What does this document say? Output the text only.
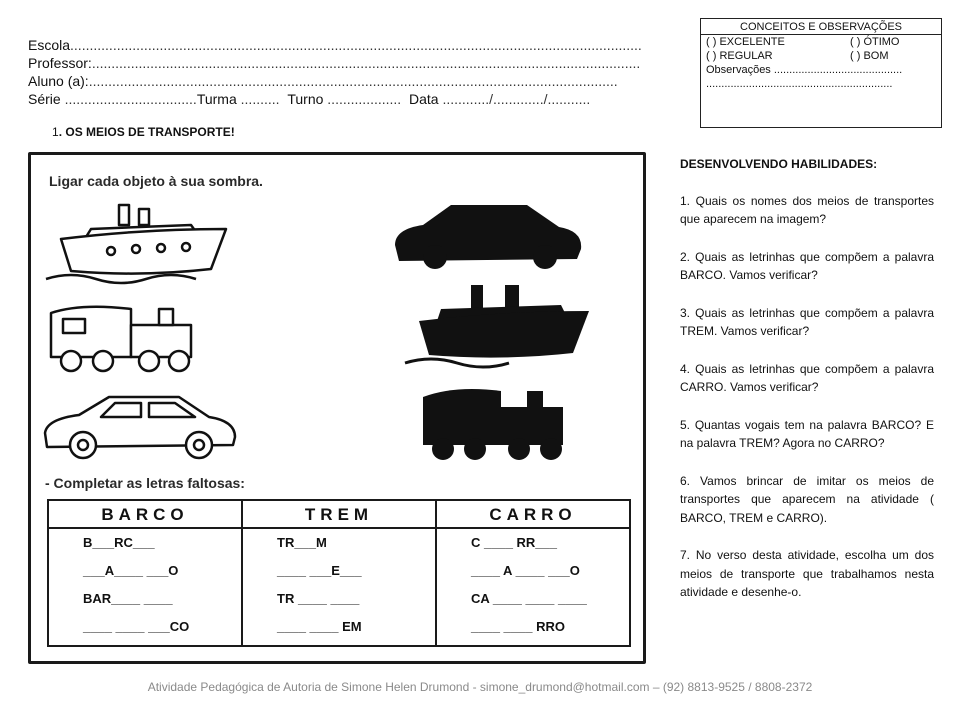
Escola...................................................................................................................................................
Professor:.............................................................................................................................................
Aluno (a):........................................................................................................................................
Série ..................................Turma .......... Turno ................... Data ............/............./...........
CONCEITOS E OBSERVAÇÕES
( ) EXCELENTE	( ) ÓTIMO
( ) REGULAR	( ) BOM
Observações ..........................................
.............................................................
1. OS MEIOS DE TRANSPORTE!
Ligar cada objeto à sua sombra.
- Completar as letras faltosas:
BARCO
B___RC___
___A____ ___O
BAR____ ____
____ ____ ___CO
TREM
TR___M
____ ___E___
TR ____ ____
____ ____ EM
CARRO
C ____ RR___
____ A ____ ___O
CA ____ ____ ____
____ ____ RRO
DESENVOLVENDO HABILIDADES:

1. Quais os nomes dos meios de transportes que aparecem na imagem?

2. Quais as letrinhas que compõem a palavra BARCO. Vamos verificar?

3. Quais as letrinhas que compõem a palavra TREM. Vamos verificar?

4. Quais as letrinhas que compõem a palavra CARRO. Vamos verificar?

5. Quantas vogais tem na palavra BARCO? E na palavra TREM? Agora no CARRO?

6. Vamos brincar de imitar os meios de transportes que aparecem na atividade ( BARCO, TREM e CARRO).

7. No verso desta atividade, escolha um dos meios de transporte que trabalhamos nesta atividade e desenhe-o.

Atividade Pedagógica de Autoria de Simone Helen Drumond - simone_drumond@hotmail.com – (92) 8813-9525 / 8808-2372
